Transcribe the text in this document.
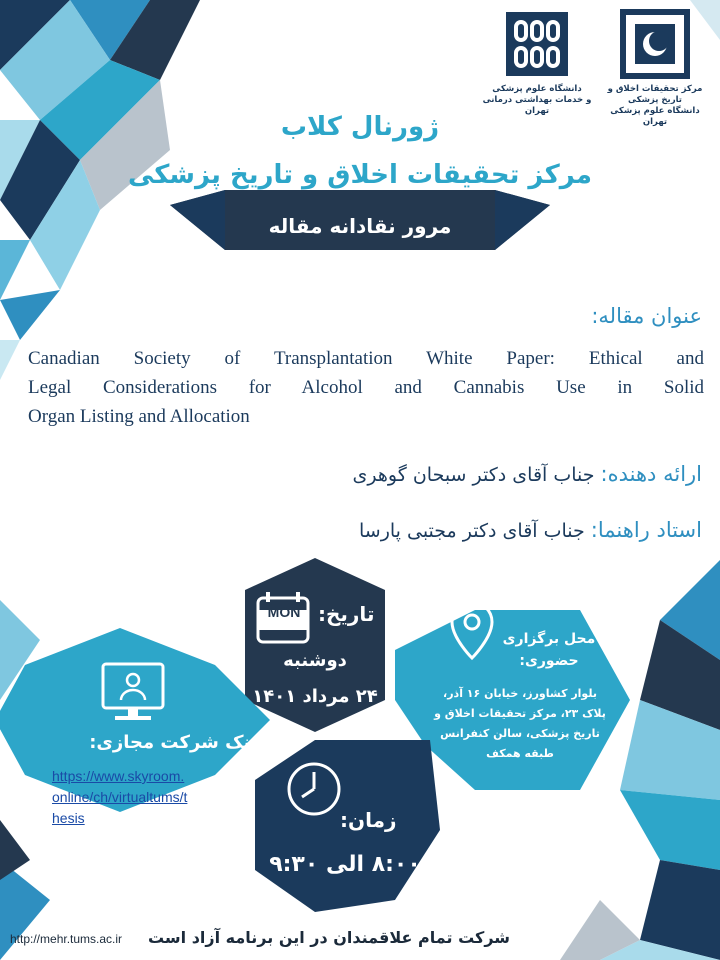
مرکز تحقیقات اخلاق و تاریخ پزشکی
دانشگاه علوم پزشکی تهران
دانشگاه علوم پزشکی
و خدمات بهداشتی درمانی تهران
ژورنال کلاب
مرکز تحقیقات اخلاق و تاریخ پزشکی
مرور نقادانه مقاله
عنوان مقاله:
Canadian Society of Transplantation White Paper: Ethical and
Legal Considerations for Alcohol and Cannabis Use in Solid
Organ Listing and Allocation
ارائه دهنده: جناب آقای دکتر سبحان گوهری
استاد راهنما: جناب آقای دکتر مجتبی پارسا
MON تاریخ:
دوشنبه
۲۴ مرداد ۱۴۰۱
محل برگزاری حضوری:
بلوار کشاورز، خیابان ۱۶ آذر، پلاک ۲۳، مرکز تحقیقات اخلاق و تاریخ پزشکی، سالن کنفرانس طبقه همکف
لینک شرکت مجازی:
https://www.skyroom.
online/ch/virtualtums/t
hesis	زمان:
۸:۰۰ الی ۹:۳۰
شرکت تمام علاقمندان در این برنامه آزاد است
http://mehr.tums.ac.ir
